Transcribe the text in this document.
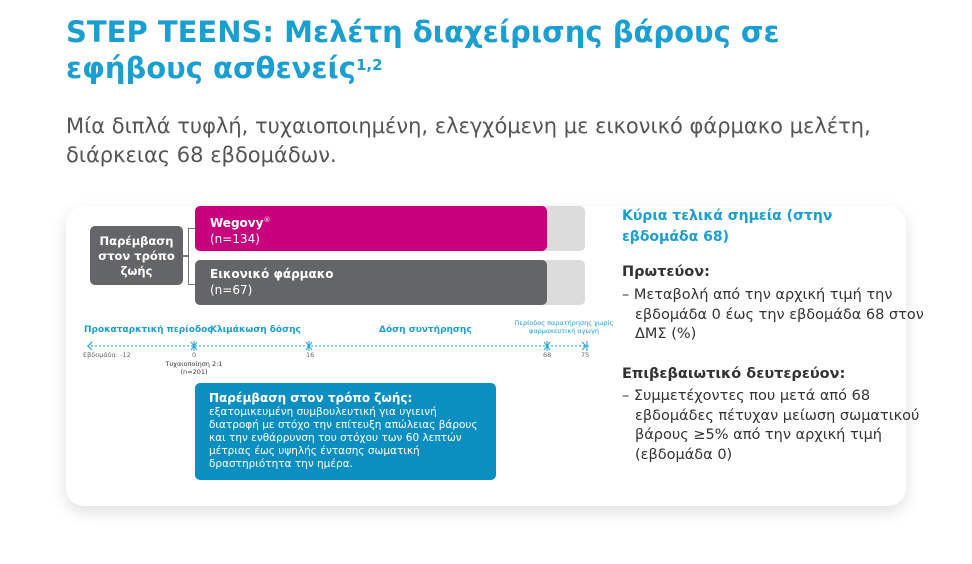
STEP TEENS: Μελέτη διαχείρισης βάρους σε εφήβους ασθενείς$^{1,2}$
Μία διπλά τυφλή, τυχαιοποιημένη, ελεγχόμενη με εικονικό φάρμακο μελέτη, διάρκειας 68 εβδομάδων.
Παρέμβαση στον τρόπο ζωής
Wegovy®
(n=134)
Εικονικό φάρμακο
(n=67)
Προκαταρκτική περίοδος
Κλιμάκωση δόσης	Δόση συντήρησης
Περίοδος παρατήρησης χωρίς φαρμακευτική αγωγή
Εβδομάδα: -12	0	16	68	75
Τυχαιοποίηση 2:1 (n=201)
Παρέμβαση στον τρόπο ζωής:
εξατομικευμένη συμβουλευτική για υγιεινή διατροφή με στόχο την επίτευξη απώλειας βάρους και την ενθάρρυνση του στόχου των 60 λεπτών μέτριας έως υψηλής έντασης σωματική δραστηριότητα την ημέρα.
Κύρια τελικά σημεία (στην εβδομάδα 68)
Πρωτεύον:
– Μεταβολή από την αρχική τιμή την εβδομάδα 0 έως την εβδομάδα 68 στον ΔΜΣ (%)
Επιβεβαιωτικό δευτερεύον:
– Συμμετέχοντες που μετά από 68 εβδομάδες πέτυχαν μείωση σωματικού βάρους ≥5% από την αρχική τιμή (εβδομάδα 0)
